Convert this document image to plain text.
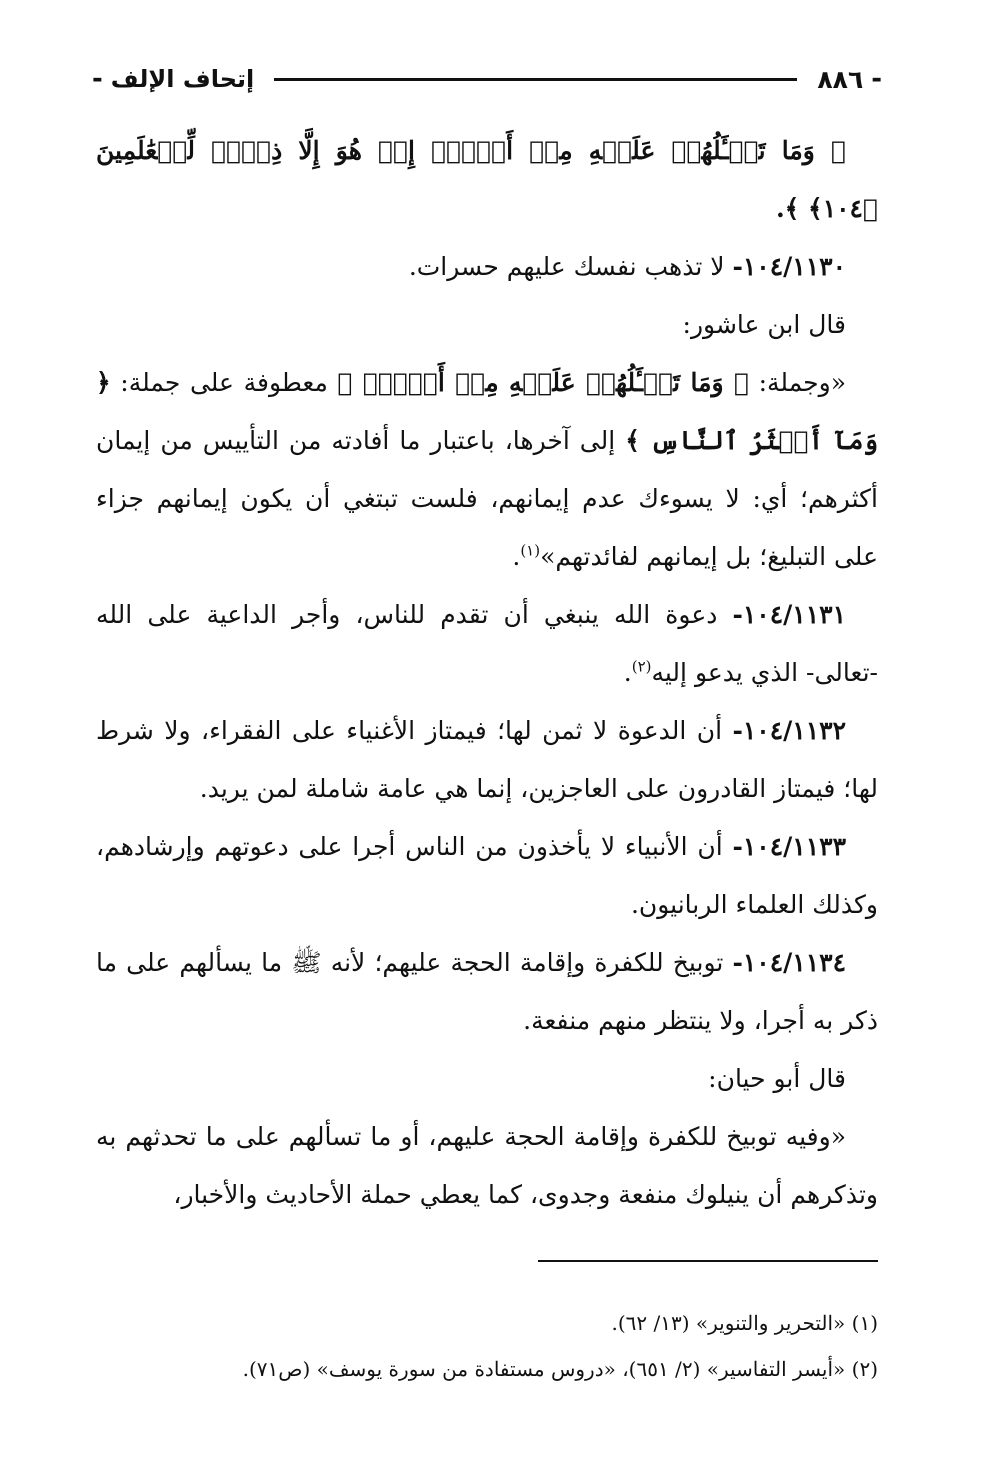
-
٨٨٦
إتحاف الإلف
-

﴿ وَمَا تَسۡـَٔلُهُمۡ عَلَيۡهِ مِنۡ أَجۡرٍۚ إِنۡ هُوَ إِلَّا ذِكۡرٞ لِّلۡعَٰلَمِينَ ﴿١٠٤﴾ ﴾.

١٠٤/١١٣٠- لا تذهب نفسك عليهم حسرات.

قال ابن عاشور:

«وجملة: ﴿ وَمَا تَسۡـَٔلُهُمۡ عَلَيۡهِ مِنۡ أَجۡرٍۚ ﴾ معطوفة على جملة: ﴿ وَمَآ أَكۡثَرُ ٱلنَّاسِ ﴾ إلى آخرها، باعتبار ما أفادته من التأييس من إيمان أكثرهم؛ أي: لا يسوءك عدم إيمانهم، فلست تبتغي أن يكون إيمانهم جزاء على التبليغ؛ بل إيمانهم لفائدتهم»$^{(١)}$.

١٠٤/١١٣١- دعوة الله ينبغي أن تقدم للناس، وأجر الداعية على الله -تعالى- الذي يدعو إليه$^{(٢)}$.

١٠٤/١١٣٢- أن الدعوة لا ثمن لها؛ فيمتاز الأغنياء على الفقراء، ولا شرط لها؛ فيمتاز القادرون على العاجزين، إنما هي عامة شاملة لمن يريد.

١٠٤/١١٣٣- أن الأنبياء لا يأخذون من الناس أجرا على دعوتهم وإرشادهم، وكذلك العلماء الربانيون.

١٠٤/١١٣٤- توبيخ للكفرة وإقامة الحجة عليهم؛ لأنه ﷺ ما يسألهم على ما ذكر به أجرا، ولا ينتظر منهم منفعة.

قال أبو حيان:

«وفيه توبيخ للكفرة وإقامة الحجة عليهم، أو ما تسألهم على ما تحدثهم به وتذكرهم أن ينيلوك منفعة وجدوى، كما يعطي حملة الأحاديث والأخبار،

(١) «التحرير والتنوير» (١٣/ ٦٢).

(٢) «أيسر التفاسير» (٢/ ٦٥١)، «دروس مستفادة من سورة يوسف» (ص٧١).
